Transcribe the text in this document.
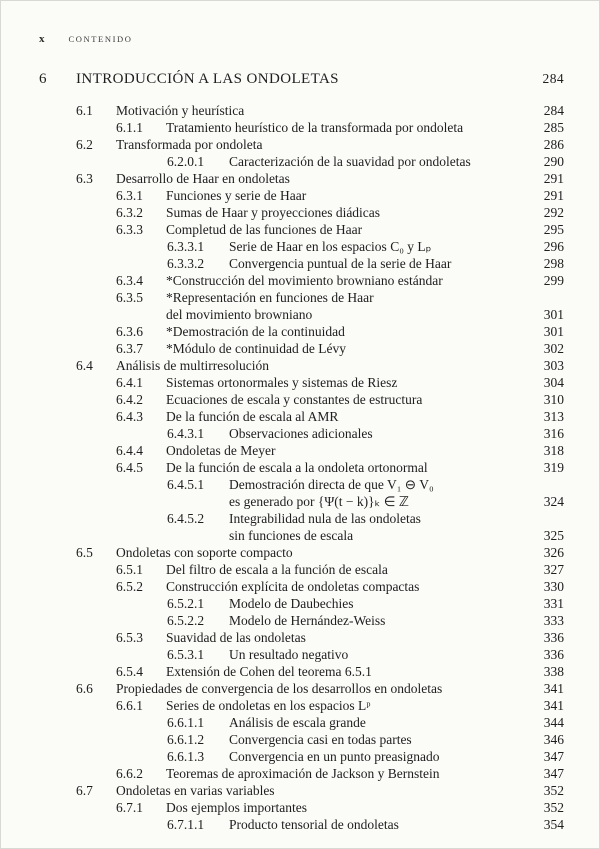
x	CONTENIDO
6	INTRODUCCIÓN A LAS ONDOLETAS	284
6.1	Motivación y heurística	284
6.1.1	Tratamiento heurístico de la transformada por ondoleta	285
6.2	Transformada por ondoleta	286
6.2.0.1	Caracterización de la suavidad por ondoletas	290
6.3	Desarrollo de Haar en ondoletas	291
6.3.1	Funciones y serie de Haar	291
6.3.2	Sumas de Haar y proyecciones diádicas	292
6.3.3	Completud de las funciones de Haar	295
6.3.3.1	Serie de Haar en los espacios C₀ y Lₚ	296
6.3.3.2	Convergencia puntual de la serie de Haar	298
6.3.4	*Construcción del movimiento browniano estándar	299
6.3.5	*Representación en funciones de Haar
del movimiento browniano	301
6.3.6	*Demostración de la continuidad	301
6.3.7	*Módulo de continuidad de Lévy	302
6.4	Análisis de multirresolución	303
6.4.1	Sistemas ortonormales y sistemas de Riesz	304
6.4.2	Ecuaciones de escala y constantes de estructura	310
6.4.3	De la función de escala al AMR	313
6.4.3.1	Observaciones adicionales	316
6.4.4	Ondoletas de Meyer	318
6.4.5	De la función de escala a la ondoleta ortonormal	319
6.4.5.1	Demostración directa de que V₁ ⊖ V₀
es generado por {Ψ(t − k)}ₖ ∈ ℤ	324
6.4.5.2	Integrabilidad nula de las ondoletas
sin funciones de escala	325
6.5	Ondoletas con soporte compacto	326
6.5.1	Del filtro de escala a la función de escala	327
6.5.2	Construcción explícita de ondoletas compactas	330
6.5.2.1	Modelo de Daubechies	331
6.5.2.2	Modelo de Hernández-Weiss	333
6.5.3	Suavidad de las ondoletas	336
6.5.3.1	Un resultado negativo	336
6.5.4	Extensión de Cohen del teorema 6.5.1	338
6.6	Propiedades de convergencia de los desarrollos en ondoletas	341
6.6.1	Series de ondoletas en los espacios Lᵖ	341
6.6.1.1	Análisis de escala grande	344
6.6.1.2	Convergencia casi en todas partes	346
6.6.1.3	Convergencia en un punto preasignado	347
6.6.2	Teoremas de aproximación de Jackson y Bernstein	347
6.7	Ondoletas en varias variables	352
6.7.1	Dos ejemplos importantes	352
6.7.1.1	Producto tensorial de ondoletas	354
